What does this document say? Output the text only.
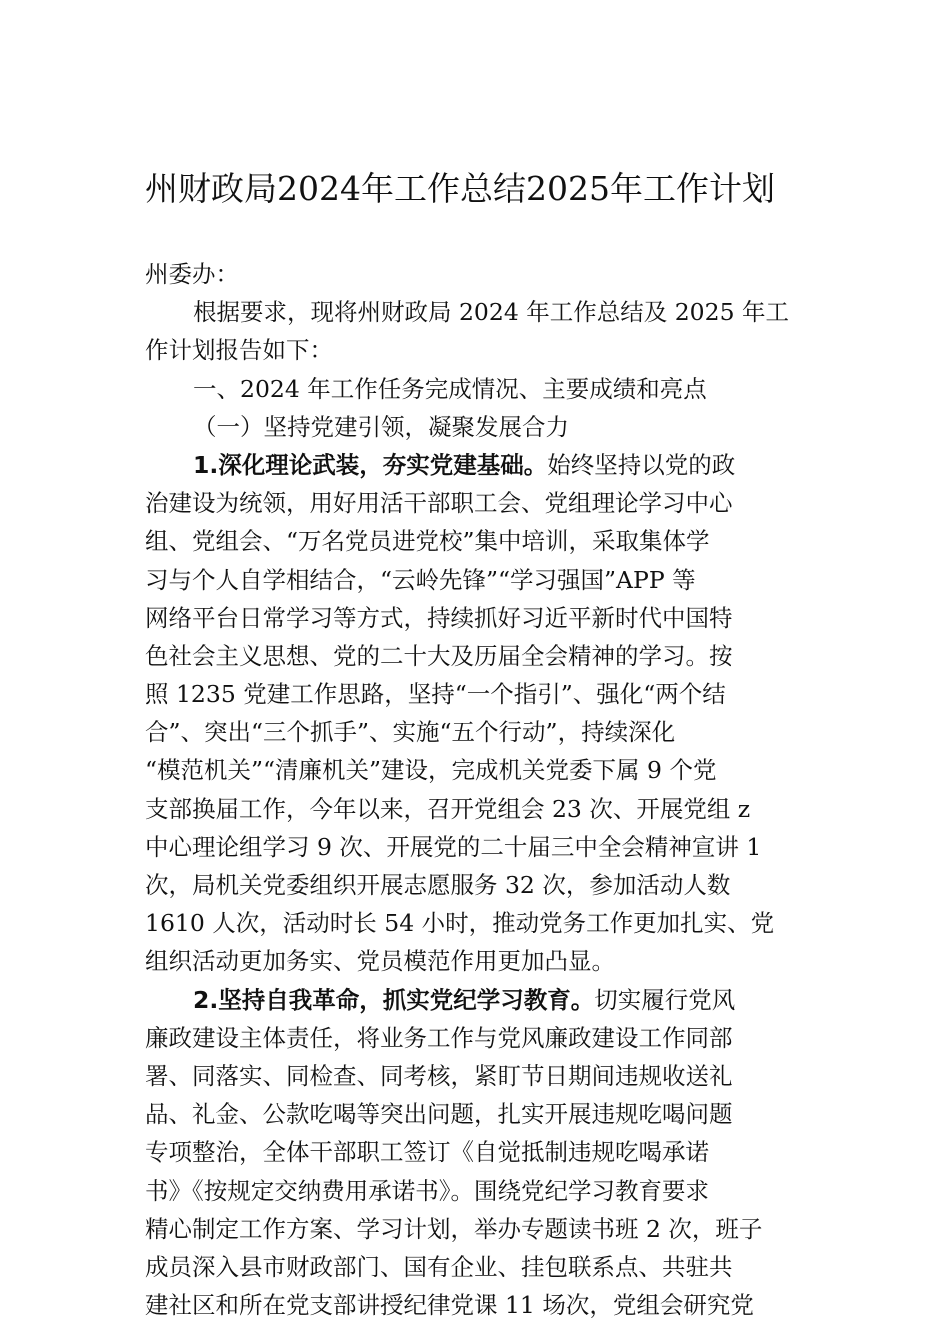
州财政局2024年工作总结2025年工作计划
州委办：
根据要求，现将州财政局 2024 年工作总结及 2025 年工
作计划报告如下：
一、2024 年工作任务完成情况、主要成绩和亮点
（一）坚持党建引领，凝聚发展合力
1.深化理论武装，夯实党建基础。始终坚持以党的政
治建设为统领，用好用活干部职工会、党组理论学习中心
组、党组会、“万名党员进党校”集中培训，采取集体学
习与个人自学相结合，“云岭先锋”“学习强国”APP 等
网络平台日常学习等方式，持续抓好习近平新时代中国特
色社会主义思想、党的二十大及历届全会精神的学习。按
照 1235 党建工作思路，坚持“一个指引”、强化“两个结
合”、突出“三个抓手”、实施“五个行动”，持续深化
“模范机关”“清廉机关”建设，完成机关党委下属 9 个党
支部换届工作，今年以来，召开党组会 23 次、开展党组 z
中心理论组学习 9 次、开展党的二十届三中全会精神宣讲 1
次，局机关党委组织开展志愿服务 32 次，参加活动人数
1610 人次，活动时长 54 小时，推动党务工作更加扎实、党
组织活动更加务实、党员模范作用更加凸显。
2.坚持自我革命，抓实党纪学习教育。切实履行党风
廉政建设主体责任，将业务工作与党风廉政建设工作同部
署、同落实、同检查、同考核，紧盯节日期间违规收送礼
品、礼金、公款吃喝等突出问题，扎实开展违规吃喝问题
专项整治，全体干部职工签订《自觉抵制违规吃喝承诺
书》《按规定交纳费用承诺书》。围绕党纪学习教育要求
精心制定工作方案、学习计划，举办专题读书班 2 次，班子
成员深入县市财政部门、国有企业、挂包联系点、共驻共
建社区和所在党支部讲授纪律党课 11 场次，党组会研究党
